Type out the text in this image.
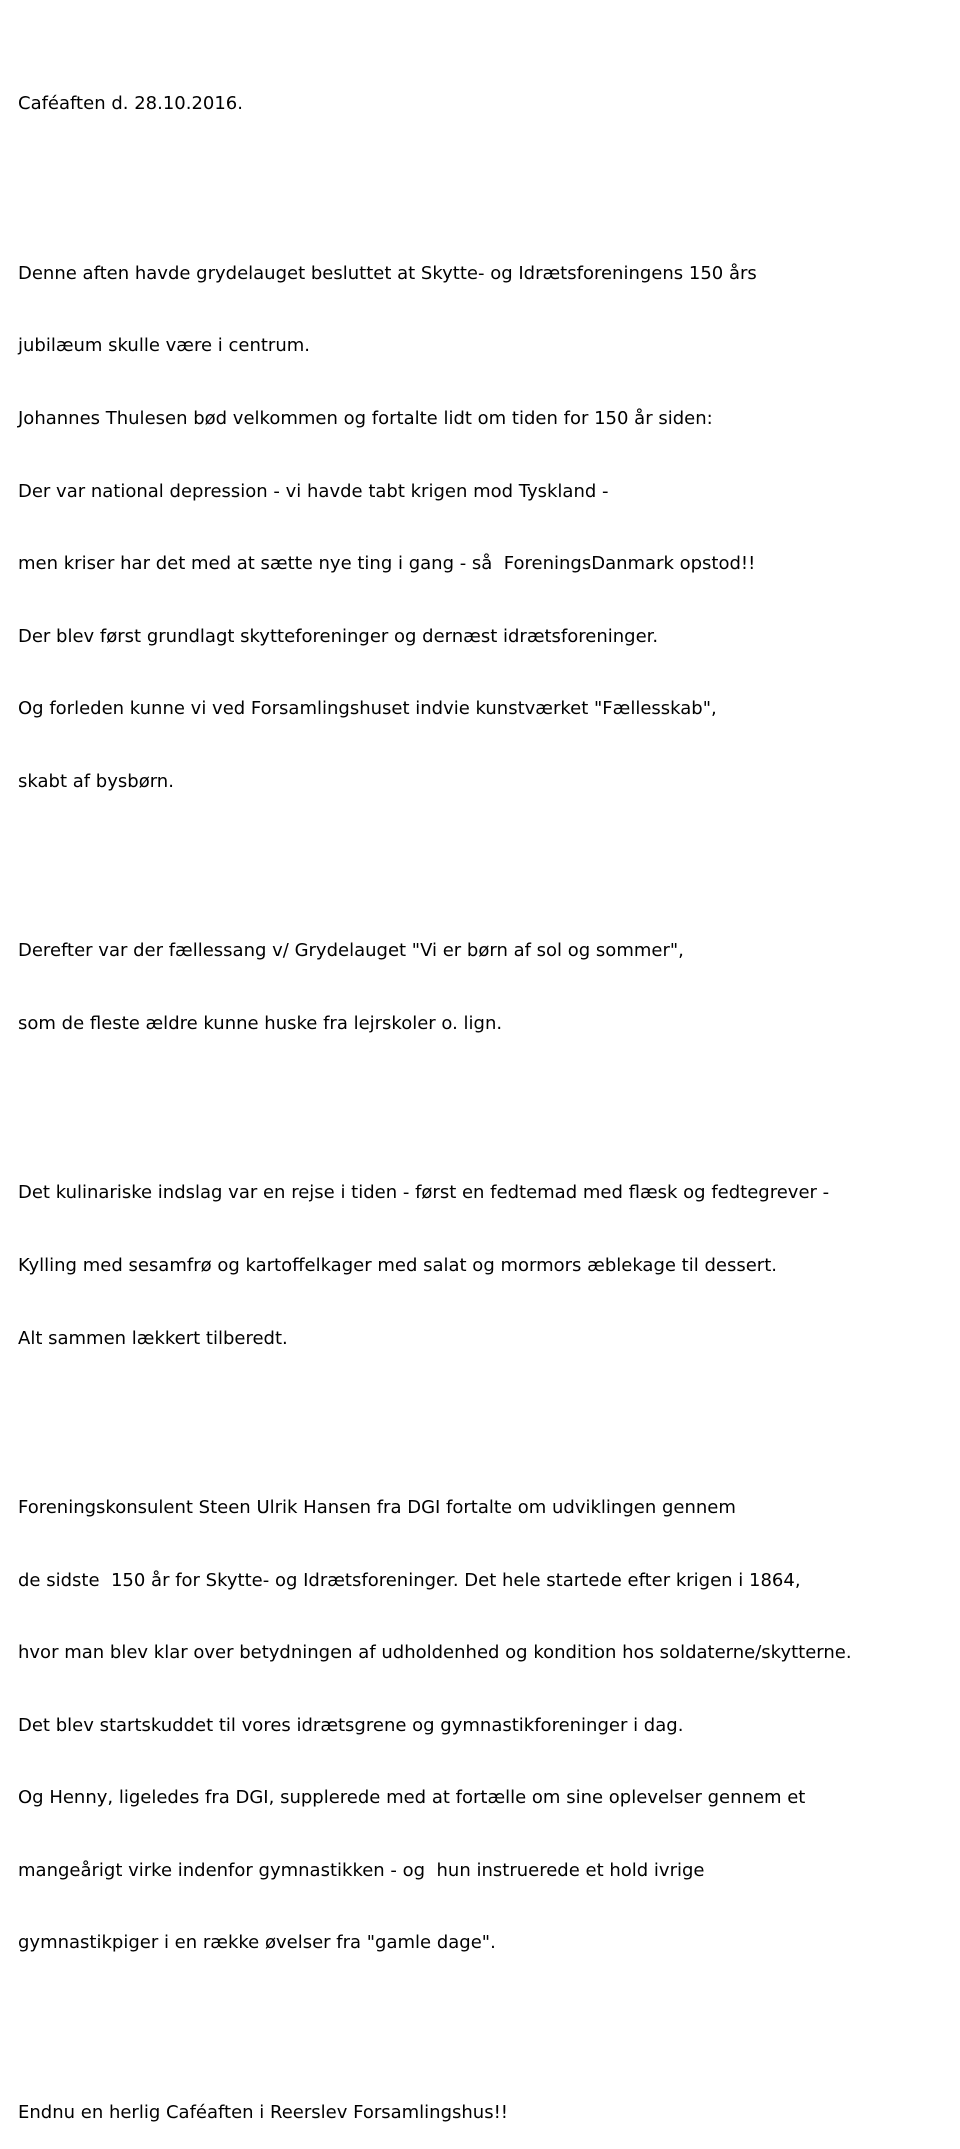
Caféaften d. 28.10.2016.

Denne aften havde grydelauget besluttet at Skytte- og Idrætsforeningens 150 års

jubilæum skulle være i centrum.

Johannes Thulesen bød velkommen og fortalte lidt om tiden for 150 år siden:

Der var national depression - vi havde tabt krigen mod Tyskland -

men kriser har det med at sætte nye ting i gang - så  ForeningsDanmark opstod!!

Der blev først grundlagt skytteforeninger og dernæst idrætsforeninger.

Og forleden kunne vi ved Forsamlingshuset indvie kunstværket "Fællesskab",

skabt af bysbørn.

Derefter var der fællessang v/ Grydelauget "Vi er børn af sol og sommer",

som de fleste ældre kunne huske fra lejrskoler o. lign.

Det kulinariske indslag var en rejse i tiden - først en fedtemad med flæsk og fedtegrever -

Kylling med sesamfrø og kartoffelkager med salat og mormors æblekage til dessert.

Alt sammen lækkert tilberedt.

Foreningskonsulent Steen Ulrik Hansen fra DGI fortalte om udviklingen gennem

de sidste  150 år for Skytte- og Idrætsforeninger. Det hele startede efter krigen i 1864,

hvor man blev klar over betydningen af udholdenhed og kondition hos soldaterne/skytterne.

Det blev startskuddet til vores idrætsgrene og gymnastikforeninger i dag.

Og Henny, ligeledes fra DGI, supplerede med at fortælle om sine oplevelser gennem et

mangeårigt virke indenfor gymnastikken - og  hun instruerede et hold ivrige

gymnastikpiger i en række øvelser fra "gamle dage".

Endnu en herlig Caféaften i Reerslev Forsamlingshus!!
